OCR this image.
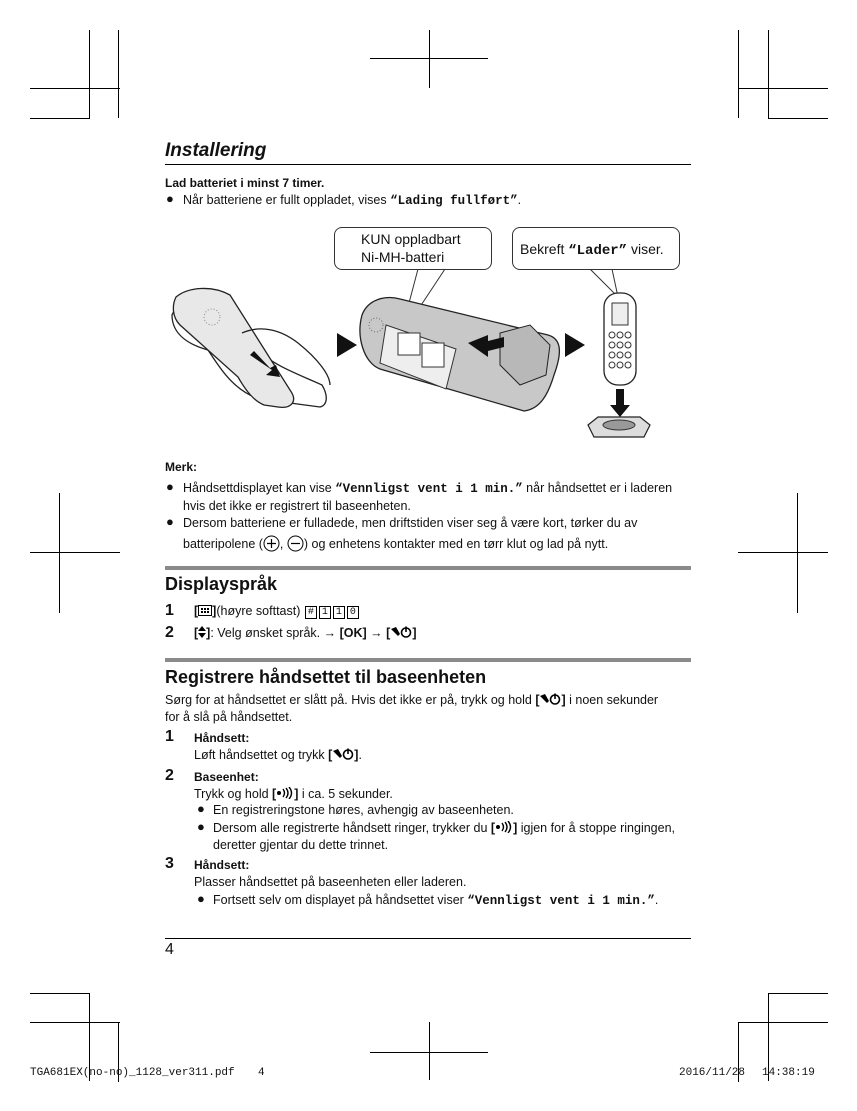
Installering
Lad batteriet i minst 7 timer.
● Når batteriene er fullt oppladet, vises “Lading fullført”.
KUN oppladbart
Ni-MH-batteri	Bekreft “Lader” viser.
Merk:
● Håndsettdisplayet kan vise “Vennligst vent i 1 min.” når håndsettet er i laderen
hvis det ikke er registrert til baseenheten.
● Dersom batteriene er fulladede, men driftstiden viser seg å være kort, tørker du av
batteripolene ( , ) og enhetens kontakter med en tørr klut og lad på nytt.
Displayspråk
1 [ ](høyre softtast) # 1 1 0
2 [ ]: Velg ønsket språk. → [OK] → [ ]
Registrere håndsettet til baseenheten
Sørg for at håndsettet er slått på. Hvis det ikke er på, trykk og hold [ ] i noen sekunder
for å slå på håndsettet.
1 Håndsett:
Løft håndsettet og trykk [ ].
2 Baseenhet:
Trykk og hold [ ] i ca. 5 sekunder.
● En registreringstone høres, avhengig av baseenheten.
● Dersom alle registrerte håndsett ringer, trykker du [ ] igjen for å stoppe ringingen,
deretter gjentar du dette trinnet.
3 Håndsett:
Plasser håndsettet på baseenheten eller laderen.
● Fortsett selv om displayet på håndsettet viser “Vennligst vent i 1 min.”.
4
TGA681EX(no-no)_1128_ver311.pdf 4	2016/11/28 14:38:19
